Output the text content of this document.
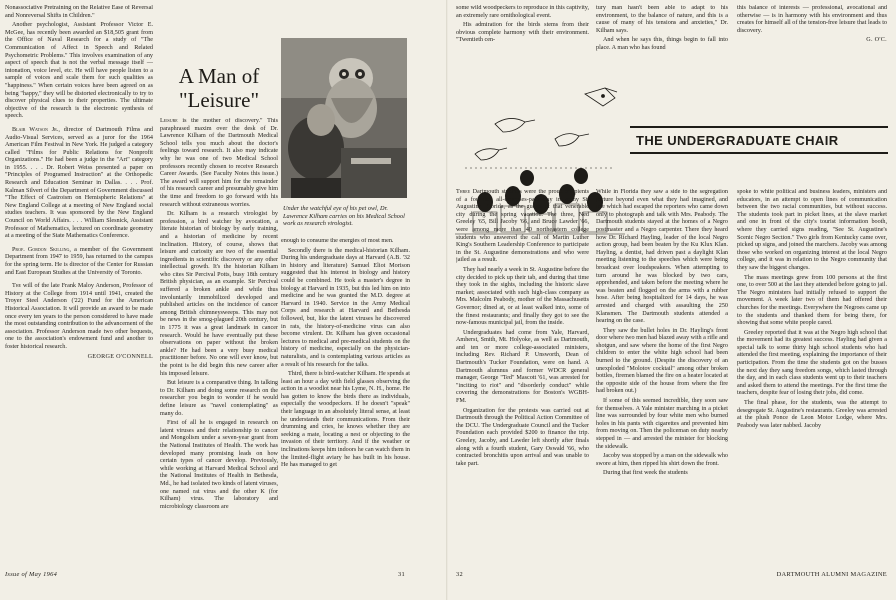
Nonassociative Pretraining on the Relative Ease of Reversal and Nonreversal Shifts in Children."

Another psychologist, Assistant Professor Victor E. McGee, has recently been awarded an $18,505 grant from the Office of Naval Research for a study of "The Communication of Affect in Speech and Related Psychometric Problems." This involves examination of any aspect of speech that is not the verbal message itself — intonation, voice level, etc. He will have people listen to a sample of voices and scale them for such qualities as "happiness." When certain voices have been agreed on as being "happy," they will be distorted electronically to try to discover physical clues to their properties. The ultimate objective of the research is the electronic synthesis of speech.

Blair Watson Jr., director of Dartmouth Films and Audio-Visual Services, served as a juror for the 1964 American Film Festival in New York. He judged a category called "Films for Public Relations for Nonprofit Organizations." He had been a judge in the "Art" category in 1955. . . . Dr. Robert Weiss presented a paper on "Principles of Programed Instruction" at the Orthopedic Research and Education Seminar in Dallas. . . . Prof. Kalman Silvert of the Department of Government discussed "The Effect of Castroism on Hemispheric Relations" at New England College at a meeting of New England social studies teachers. It was sponsored by the New England Council on World Affairs. . . . William Slesnick, Assistant Professor of Mathematics, lectured on coordinate geometry at a meeting of the State Mathematics Conference.

Prof. Gordon Skilling, a member of the Government Department from 1947 to 1959, has returned to the campus for the spring term. He is director of the Center for Russian and East European Studies at the University of Toronto.

The will of the late Frank Maloy Anderson, Professor of History at the College from 1914 until 1941, created the Troyer Steel Anderson ('22) Fund for the American Historical Association. It will provide an award to be made once every ten years to the person considered to have made the most outstanding contribution to the advancement of the association. Professor Anderson made two other bequests, one to the association's endowment fund and another to foster historical research.

GEORGE O'CONNELL
A Man of "Leisure"

Leisure is the mother of discovery." This paraphrased maxim over the desk of Dr. Lawrence Kilham of the Dartmouth Medical School tells you much about the doctor's feelings toward research. It also may indicate why he was one of two Medical School professors recently chosen to receive Research Career Awards. (See Faculty Notes this issue.) The award will support him for the remainder of his research career and presumably give him the time and freedom to go forward with his research without extraneous worries.

Dr. Kilham is a research virologist by profession, a bird watcher by avocation, a literate historian of biology by early training, and a historian of medicine by recent inclination. History, of course, shows that leisure and curiosity are two of the essential ingredients in scientific discovery or any other intellectual growth. It's the historian Kilham who cites Sir Percival Potts, busy 18th century British physician, as an example. Sir Percival suffered a broken ankle and while thus involuntarily immobilized developed and published articles on the incidence of cancer among British chimneysweeps. This may not be news in the smog-plagued 20th century, but in 1775 it was a great landmark in cancer research. Would he have eventually put these observations on paper without the broken ankle? He had been a very busy medical practitioner before. No one will ever know, but the point is he did begin this new career after his imposed leisure.

But leisure is a comparative thing. In talking to Dr. Kilham and doing some research on the researcher you begin to wonder if he would define leisure as "navel contemplating" as many do.

First of all he is engaged in research on latent viruses and their relationship to cancer and Mongolism under a seven-year grant from the National Institutes of Health. The work has developed many promising leads on how certain types of cancer develop. Previously, while working at Harvard Medical School and the National Institutes of Health in Bethesda, Md., he had isolated two kinds of latent viruses, one named rat virus and the other K (for Kilham) virus. The laboratory and microbiology classroom are

Under the watchful eye of his pet owl, Dr. Lawrence Kilham carries on his Medical School work as research virologist.

enough to consume the energies of most men.

Secondly there is the medical-historian Kilham. During his undergraduate days at Harvard (A.B. '32 in history and literature) Samuel Eliot Morison suggested that his interest in biology and history could be combined. He took a master's degree in biology at Harvard in 1935, but this led him on into medicine and he was granted the M.D. degree at Harvard in 1940. Service in the Army Medical Corps and research at Harvard and Bethesda followed, but, like the latent viruses he discovered in rats, the history-of-medicine virus can also become virulent. Dr. Kilham has given occasional lectures to medical and pre-medical students on the history of medicine, especially on the physician-naturalists, and is contemplating various articles as a result of his research for the talks.

Third, there is bird-watcher Kilham. He spends at least an hour a day with field glasses observing the action in a woodlot near his Lyme, N. H., home. He has gotten to know the birds there as individuals, especially the woodpeckers. If he doesn't "speak" their language in an absolutely literal sense, at least he understands their communications. From their drumming and cries, he knows whether they are seeking a mate, locating a nest or objecting to the invasion of their territory. And if the weather or inclinations keeps him indoors he can watch them in the limited-flight aviary he has built in his house. He has managed to get

Issue of May 1964	31

some wild woodpeckers to reproduce in this captivity, an extremely rare ornithological event.

His admiration for the birds stems from their obvious complete harmony with their environment. "Twentieth cen-

tury man hasn't been able to adapt to his environment, to the balance of nature, and this is a cause of many of his tensions and anxieties," Dr. Kilham says.

And when he says this, things begin to fall into place. A man who has found

this balance of interests — professional, avocational and otherwise — is in harmony with his environment and thus creates for himself all of the tension-free leisure that leads to discovery.

G. O'C.
THE UNDERGRADUATE CHAIR

Three Dartmouth students were the proud recipients of a four-day, all-expenses-paid stay in sunny St. Augustine, Florida, as the guests of that venerable city during the spring vacation. The three, Ned Greeley '65, Bill Jacoby '66, and Bruce Lawder '66, were among more than 40 northeastern college students who answered the call of Martin Luther King's Southern Leadership Conference to participate in the St. Augustine demonstrations and who were jailed as a result.

They had nearly a week in St. Augustine before the city decided to pick up their tab, and during that time they took in the sights, including the historic slave market; associated with such high-class company as Mrs. Malcolm Peabody, mother of the Massachusetts Governor; dined at, or at least walked into, some of the finest restaurants; and finally they got to see the now-famous municipal jail, from the inside.

Undergraduates had come from Yale, Harvard, Amherst, Smith, Mt. Holyoke, as well as Dartmouth, and ten or more college-associated ministers, including Rev. Richard P. Unsworth, Dean of Dartmouth's Tucker Foundation, were on hand. A Dartmouth alumnus and former WDCR general manager, George "Ted" Mascott '61, was arrested for "inciting to riot" and "disorderly conduct" while covering the demonstrations for Boston's WGBH-FM.

Organization for the protests was carried out at Dartmouth through the Political Action Committee of the DCU. The Undergraduate Council and the Tucker Foundation each provided $200 to finance the trip. Greeley, Jacoby, and Lawder left shortly after finals along with a fourth student, Gary Oswald '66, who contracted bronchitis upon arrival and was unable to take part.

While in Florida they saw a side to the segregation picture beyond even what they had imagined, and one which had escaped the reporters who came down only to photograph and talk with Mrs. Peabody. The Dartmouth students stayed at the homes of a Negro postmaster and a Negro carpenter. There they heard how Dr. Richard Hayling, leader of the local Negro action group, had been beaten by the Ku Klux Klan. Hayling, a dentist, had driven past a daylight Klan meeting listening to the speeches which were being broadcast over loudspeakers. When attempting to turn around he was blocked by two cars, apprehended, and taken before the meeting where he was beaten and flogged on the arms with a rubber hose. After being hospitalized for 14 days, he was arrested and charged with assaulting the 250 Klansmen. The Dartmouth students attended a hearing on the case.

They saw the bullet holes in Dr. Hayling's front door where two men had blazed away with a rifle and shotgun, and saw where the home of the first Negro children to enter the white high school had been burned to the ground. (Despite the discovery of an unexploded "Molotov cocktail" among other broken bottles, firemen blamed the fire on a heater located at the opposite side of the house from where the fire had broken out.)

If some of this seemed incredible, they soon saw for themselves. A Yale minister marching in a picket line was surrounded by four white men who burned holes in his pants with cigarettes and prevented him from moving on. Then the policeman on duty nearby stepped in — and arrested the minister for blocking the sidewalk.

Jacoby was stopped by a man on the sidewalk who swore at him, then ripped his shirt down the front.

During that first week the students

spoke to white political and business leaders, ministers and educators, in an attempt to open lines of communication between the two racial communities, but without success. The students took part in picket lines, at the slave market and one in front of the city's tourist information booth, where they carried signs reading, "See St. Augustine's Scenic Negro Section." Two girls from Kentucky came over, picked up signs, and joined the marchers. Jacoby was among those who worked on organizing interest at the local Negro college, and it was in relation to the Negro community that they saw the biggest changes.

The mass meetings grew from 100 persons at the first one, to over 500 at the last they attended before going to jail. The Negro ministers had initially refused to support the movement. A week later two of them had offered their churches for the meetings. Everywhere the Negroes came up to the students and thanked them for being there, for showing that some white people cared.

Greeley reported that it was at the Negro high school that the movement had its greatest success. Hayling had given a special talk to some thirty high school students who had attended the first meeting, explaining the importance of their participation. From the time the students got on the busses the next day they sang freedom songs, which lasted through the day, and in each class students went up to their teachers and asked them to attend the meetings. For the first time the teachers, despite fear of losing their jobs, did come.

The final phase, for the students, was the attempt to desegregate St. Augustine's restaurants. Greeley was arrested at the plush Ponce de Leon Motor Lodge, where Mrs. Peabody was later nabbed. Jacoby

32	DARTMOUTH ALUMNI MAGAZINE
